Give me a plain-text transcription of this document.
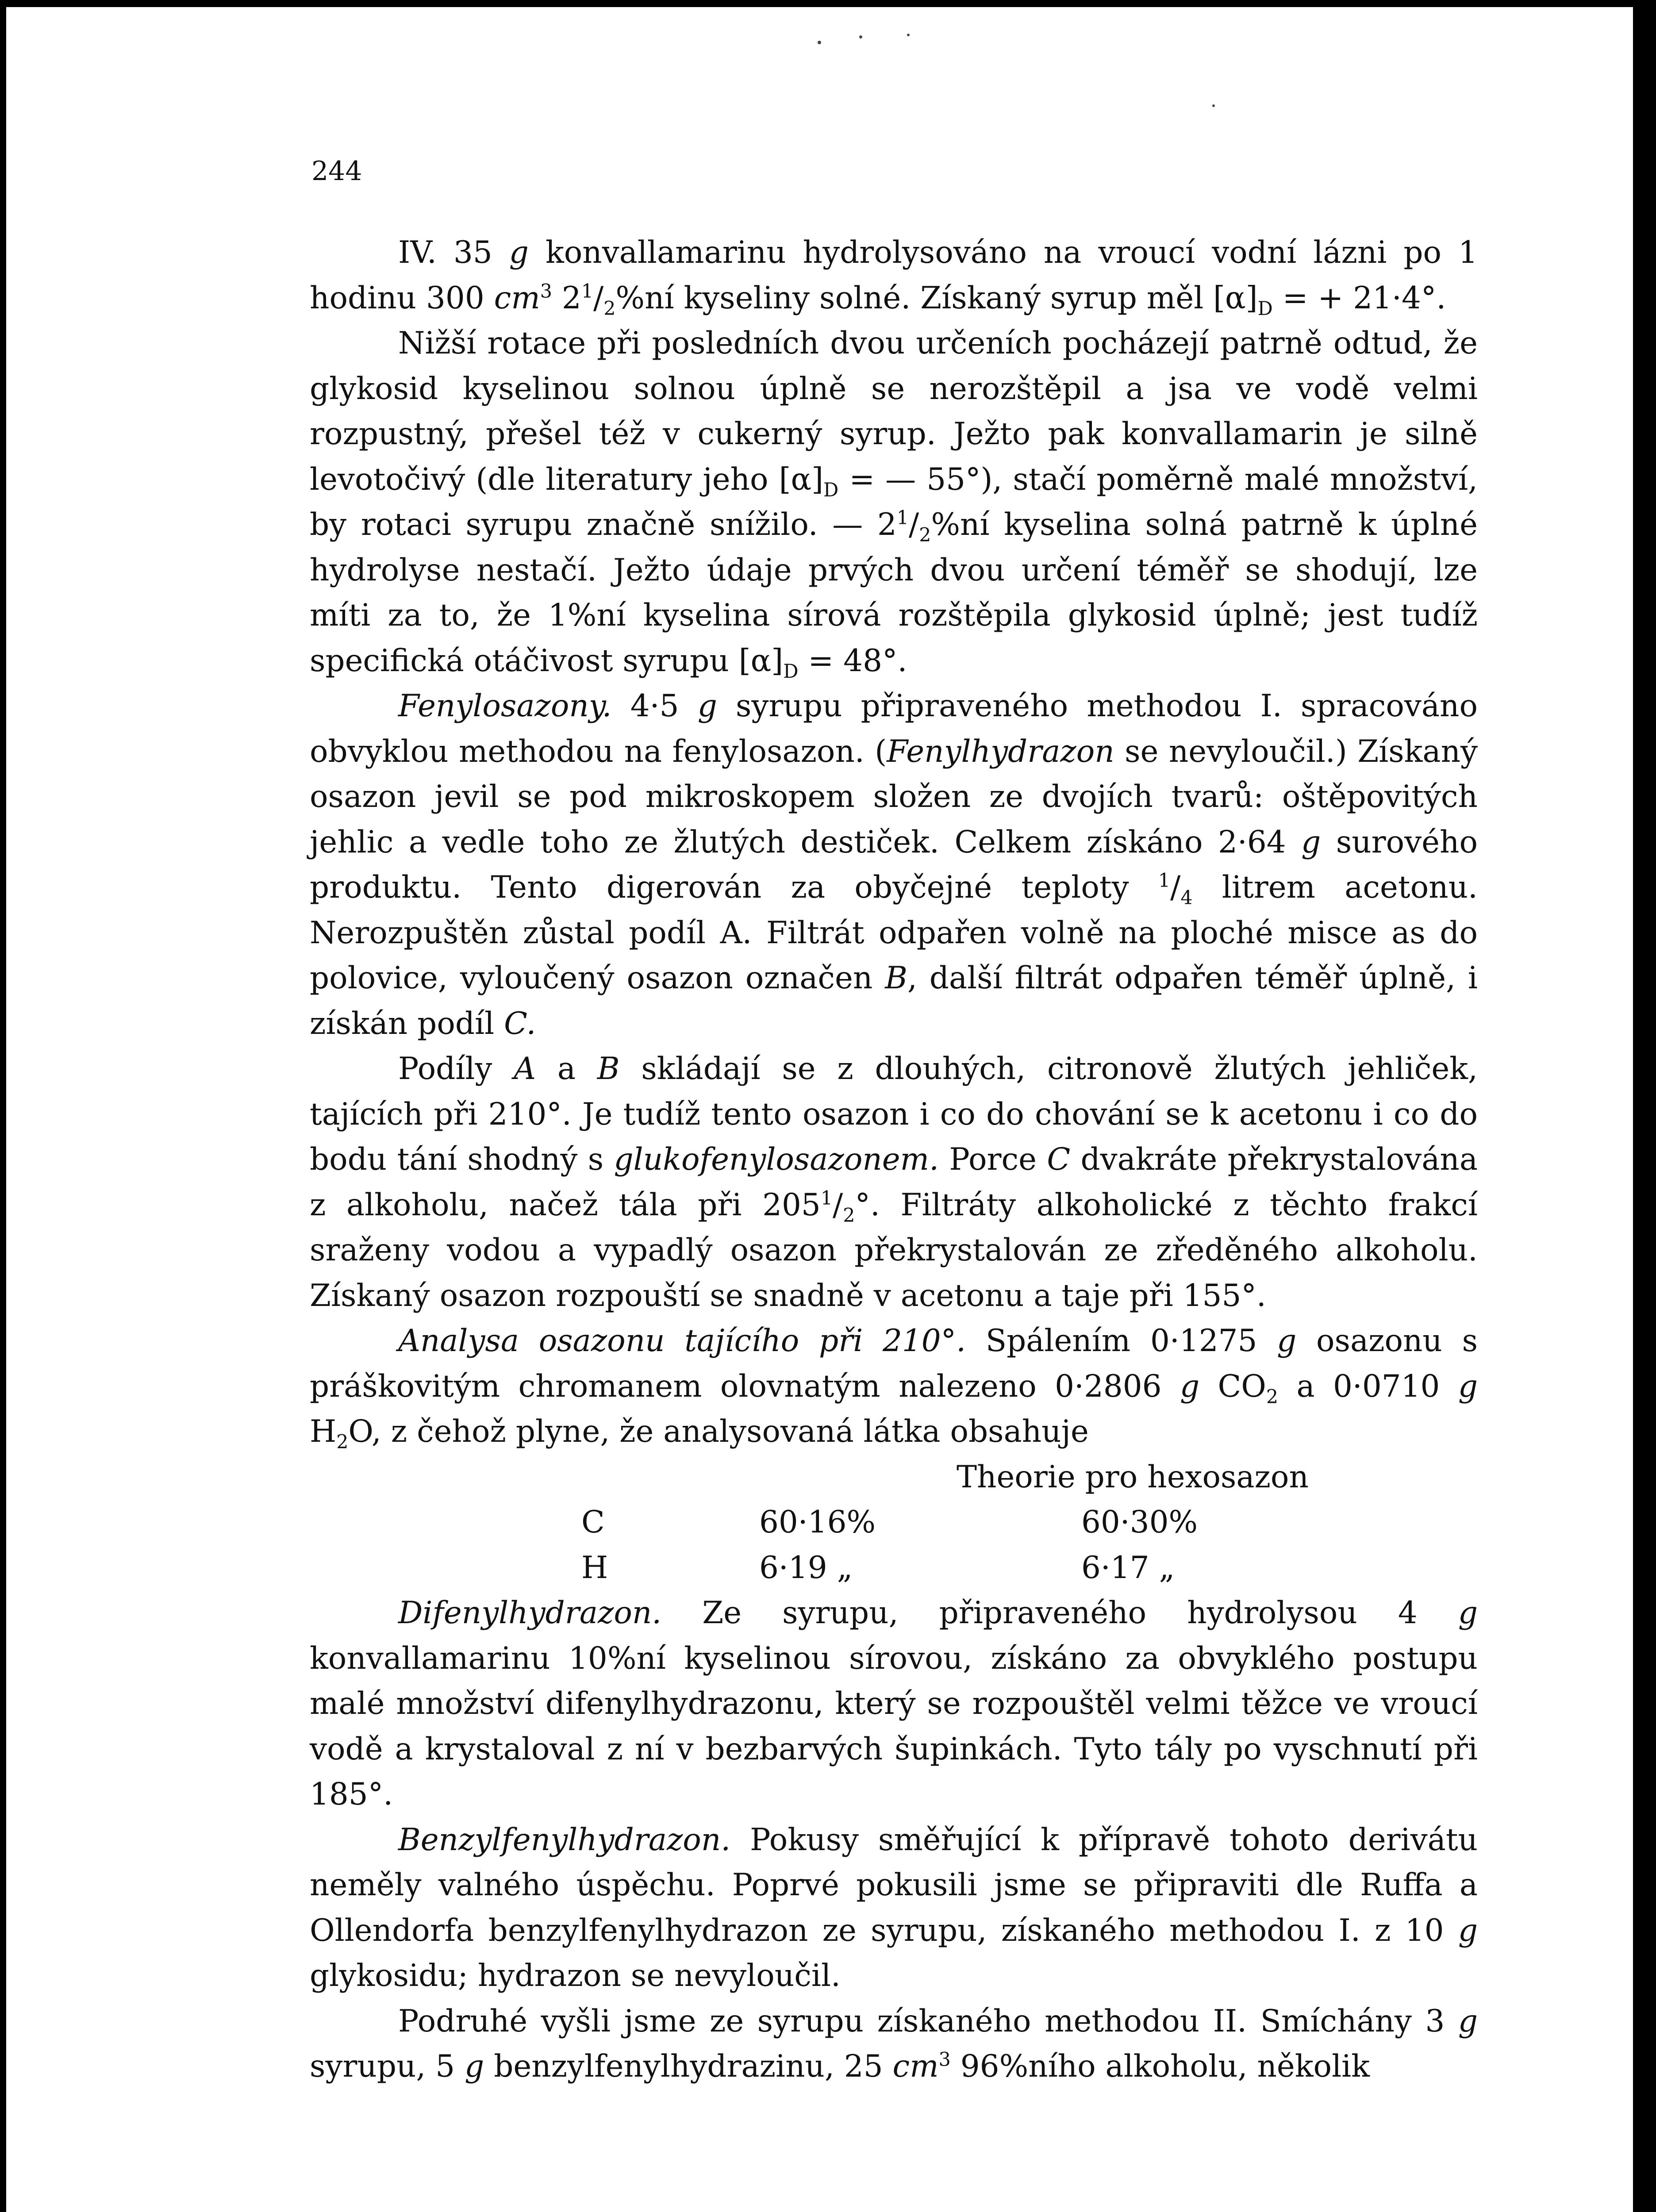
244

IV. 35 g konvallamarinu hydrolysováno na vroucí vodní lázni po 1 hodinu 300 $cm^3$ $2^1/_2\%ní$ kyseliny solné. Získaný syrup měl $[\alpha]_D$ = + 21·4°.

Nižší rotace při posledních dvou určeních pocházejí patrně odtud, že glykosid kyselinou solnou úplně se nerozštěpil a jsa ve vodě velmi rozpustný, přešel též v cukerný syrup. Ježto pak konvallamarin je silně levotočivý (dle literatury jeho $[\alpha]_D$ = — 55°), stačí poměrně malé množství, by rotaci syrupu značně snížilo. — $2^1/_2\%ní$ kyselina solná patrně k úplné hydrolyse nestačí. Ježto údaje prvých dvou určení téměř se shodují, lze míti za to, že 1%ní kyselina sírová rozštěpila glykosid úplně; jest tudíž specifická otáčivost syrupu $[\alpha]_D = 48^\circ$.

Fenylosazony. 4·5 g syrupu připraveného methodou I. spracováno obvyklou methodou na fenylosazon. (Fenylhydrazon se nevyloučil.) Získaný osazon jevil se pod mikroskopem složen ze dvojích tvarů: oštěpovitých jehlic a vedle toho ze žlutých destiček. Celkem získáno 2·64 g surového produktu. Tento digerován za obyčejné teploty $^1/_4$ litrem acetonu. Nerozpuštěn zůstal podíl A. Filtrát odpařen volně na ploché misce as do polovice, vyloučený osazon označen B, další filtrát odpařen téměř úplně, i získán podíl C.

Podíly A a B skládají se z dlouhých, citronově žlutých jehliček, tajících při 210°. Je tudíž tento osazon i co do chování se k acetonu i co do bodu tání shodný s glukofenylosazonem. Porce C dvakráte překrystalována z alkoholu, načež tála při $205^1/_2^\circ$. Filtráty alkoholické z těchto frakcí sraženy vodou a vypadlý osazon překrystalován ze zředěného alkoholu. Získaný osazon rozpouští se snadně v acetonu a taje při 155°.

Analysa osazonu tajícího při 210°. Spálením 0·1275 g osazonu s práškovitým chromanem olovnatým nalezeno 0·2806 g $CO_2$ a 0·0710 g $H_2O$, z čehož plyne, že analysovaná látka obsahuje

Theorie pro hexosazon
C	60·16%	60·30%
H	6·19 „	6·17 „

Difenylhydrazon. Ze syrupu, připraveného hydrolysou 4 g konvallamarinu 10%ní kyselinou sírovou, získáno za obvyklého postupu malé množství difenylhydrazonu, který se rozpouštěl velmi těžce ve vroucí vodě a krystaloval z ní v bezbarvých šupinkách. Tyto tály po vyschnutí při 185°.

Benzylfenylhydrazon. Pokusy směřující k přípravě tohoto derivátu neměly valného úspěchu. Poprvé pokusili jsme se připraviti dle Ruffa a Ollendorfa benzylfenylhydrazon ze syrupu, získaného methodou I. z 10 g glykosidu; hydrazon se nevyloučil.

Podruhé vyšli jsme ze syrupu získaného methodou II. Smíchány 3 g syrupu, 5 g benzylfenylhydrazinu, 25 $cm^3$ 96%ního alkoholu, několik
